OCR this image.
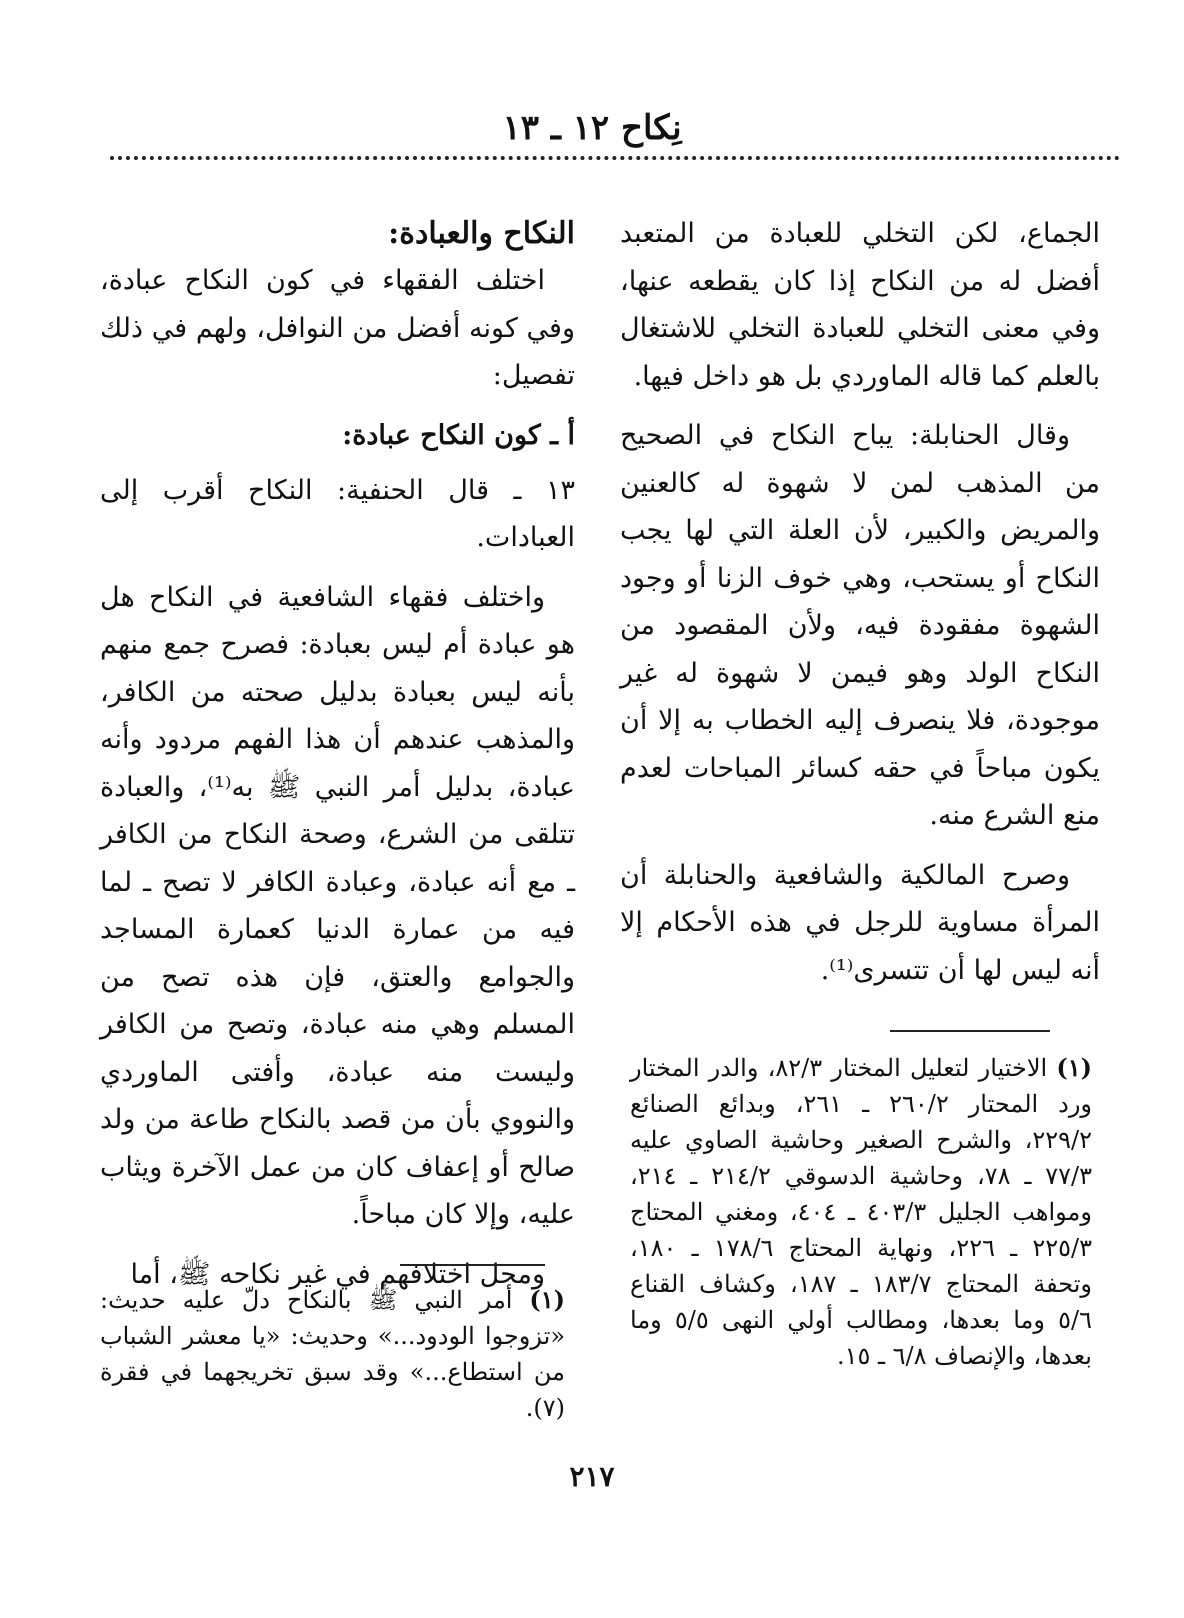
نِكاح ١٢ ـ ١٣

الجماع، لكن التخلي للعبادة من المتعبد أفضل له من النكاح إذا كان يقطعه عنها، وفي معنى التخلي للعبادة التخلي للاشتغال بالعلم كما قاله الماوردي بل هو داخل فيها.

وقال الحنابلة: يباح النكاح في الصحيح من المذهب لمن لا شهوة له كالعنين والمريض والكبير، لأن العلة التي لها يجب النكاح أو يستحب، وهي خوف الزنا أو وجود الشهوة مفقودة فيه، ولأن المقصود من النكاح الولد وهو فيمن لا شهوة له غير موجودة، فلا ينصرف إليه الخطاب به إلا أن يكون مباحاً في حقه كسائر المباحات لعدم منع الشرع منه.

وصرح المالكية والشافعية والحنابلة أن المرأة مساوية للرجل في هذه الأحكام إلا أنه ليس لها أن تتسرى⁽¹⁾.

النكاح والعبادة:

اختلف الفقهاء في كون النكاح عبادة، وفي كونه أفضل من النوافل، ولهم في ذلك تفصيل:

أ ـ كون النكاح عبادة:

١٣ ـ قال الحنفية: النكاح أقرب إلى العبادات.

واختلف فقهاء الشافعية في النكاح هل هو عبادة أم ليس بعبادة: فصرح جمع منهم بأنه ليس بعبادة بدليل صحته من الكافر، والمذهب عندهم أن هذا الفهم مردود وأنه عبادة، بدليل أمر النبي ﷺ به⁽¹⁾، والعبادة تتلقى من الشرع، وصحة النكاح من الكافر ـ مع أنه عبادة، وعبادة الكافر لا تصح ـ لما فيه من عمارة الدنيا كعمارة المساجد والجوامع والعتق، فإن هذه تصح من المسلم وهي منه عبادة، وتصح من الكافر وليست منه عبادة، وأفتى الماوردي والنووي بأن من قصد بالنكاح طاعة من ولد صالح أو إعفاف كان من عمل الآخرة ويثاب عليه، وإلا كان مباحاً.

ومحل اختلافهم في غير نكاحه ﷺ، أما

(١) الاختيار لتعليل المختار ٨٢/٣، والدر المختار ورد المحتار ٢٦٠/٢ ـ ٢٦١، وبدائع الصنائع ٢٢٩/٢، والشرح الصغير وحاشية الصاوي عليه ٧٧/٣ ـ ٧٨، وحاشية الدسوقي ٢١٤/٢ ـ ٢١٤، ومواهب الجليل ٤٠٣/٣ ـ ٤٠٤، ومغني المحتاج ٢٢٥/٣ ـ ٢٢٦، ونهاية المحتاج ١٧٨/٦ ـ ١٨٠، وتحفة المحتاج ١٨٣/٧ ـ ١٨٧، وكشاف القناع ٥/٦ وما بعدها، ومطالب أولي النهى ٥/٥ وما بعدها، والإنصاف ٦/٨ ـ ١٥.
(١) أمر النبي ﷺ بالنكاح دلّ عليه حديث: «تزوجوا الودود...» وحديث: «يا معشر الشباب من استطاع...» وقد سبق تخريجهما في فقرة (٧).
٢١٧
